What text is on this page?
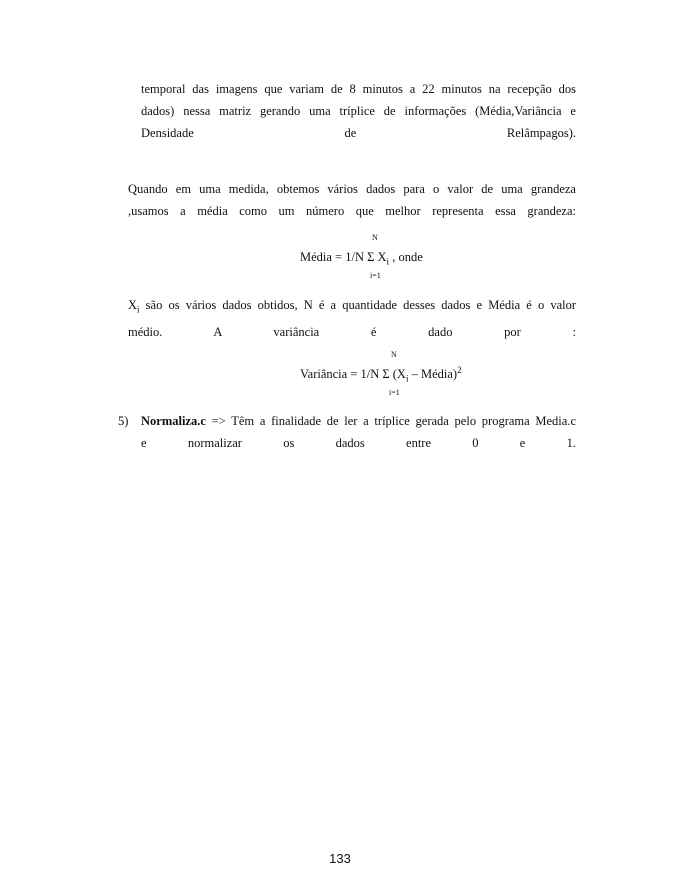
temporal das imagens que variam de 8 minutos a 22 minutos na recepção dos
dados) nessa matriz gerando uma tríplice de informações (Média,Variância e
Densidade de Relâmpagos).
Quando em uma medida, obtemos vários dados para o valor de uma grandeza
,usamos a média como um número que melhor representa essa grandeza:
N
Média = 1/N Σ $X_i$ , onde
i=1
$X_i$ são os vários dados obtidos, N é a quantidade desses dados e Média é o valor
médio. A variância é dado por :
N
Variância = 1/N Σ ($X_i$ – Média)$^2$
i=1
5) Normaliza.c => Têm a finalidade de ler a tríplice gerada pelo programa Media.c
e normalizar os dados entre 0 e 1.
133
